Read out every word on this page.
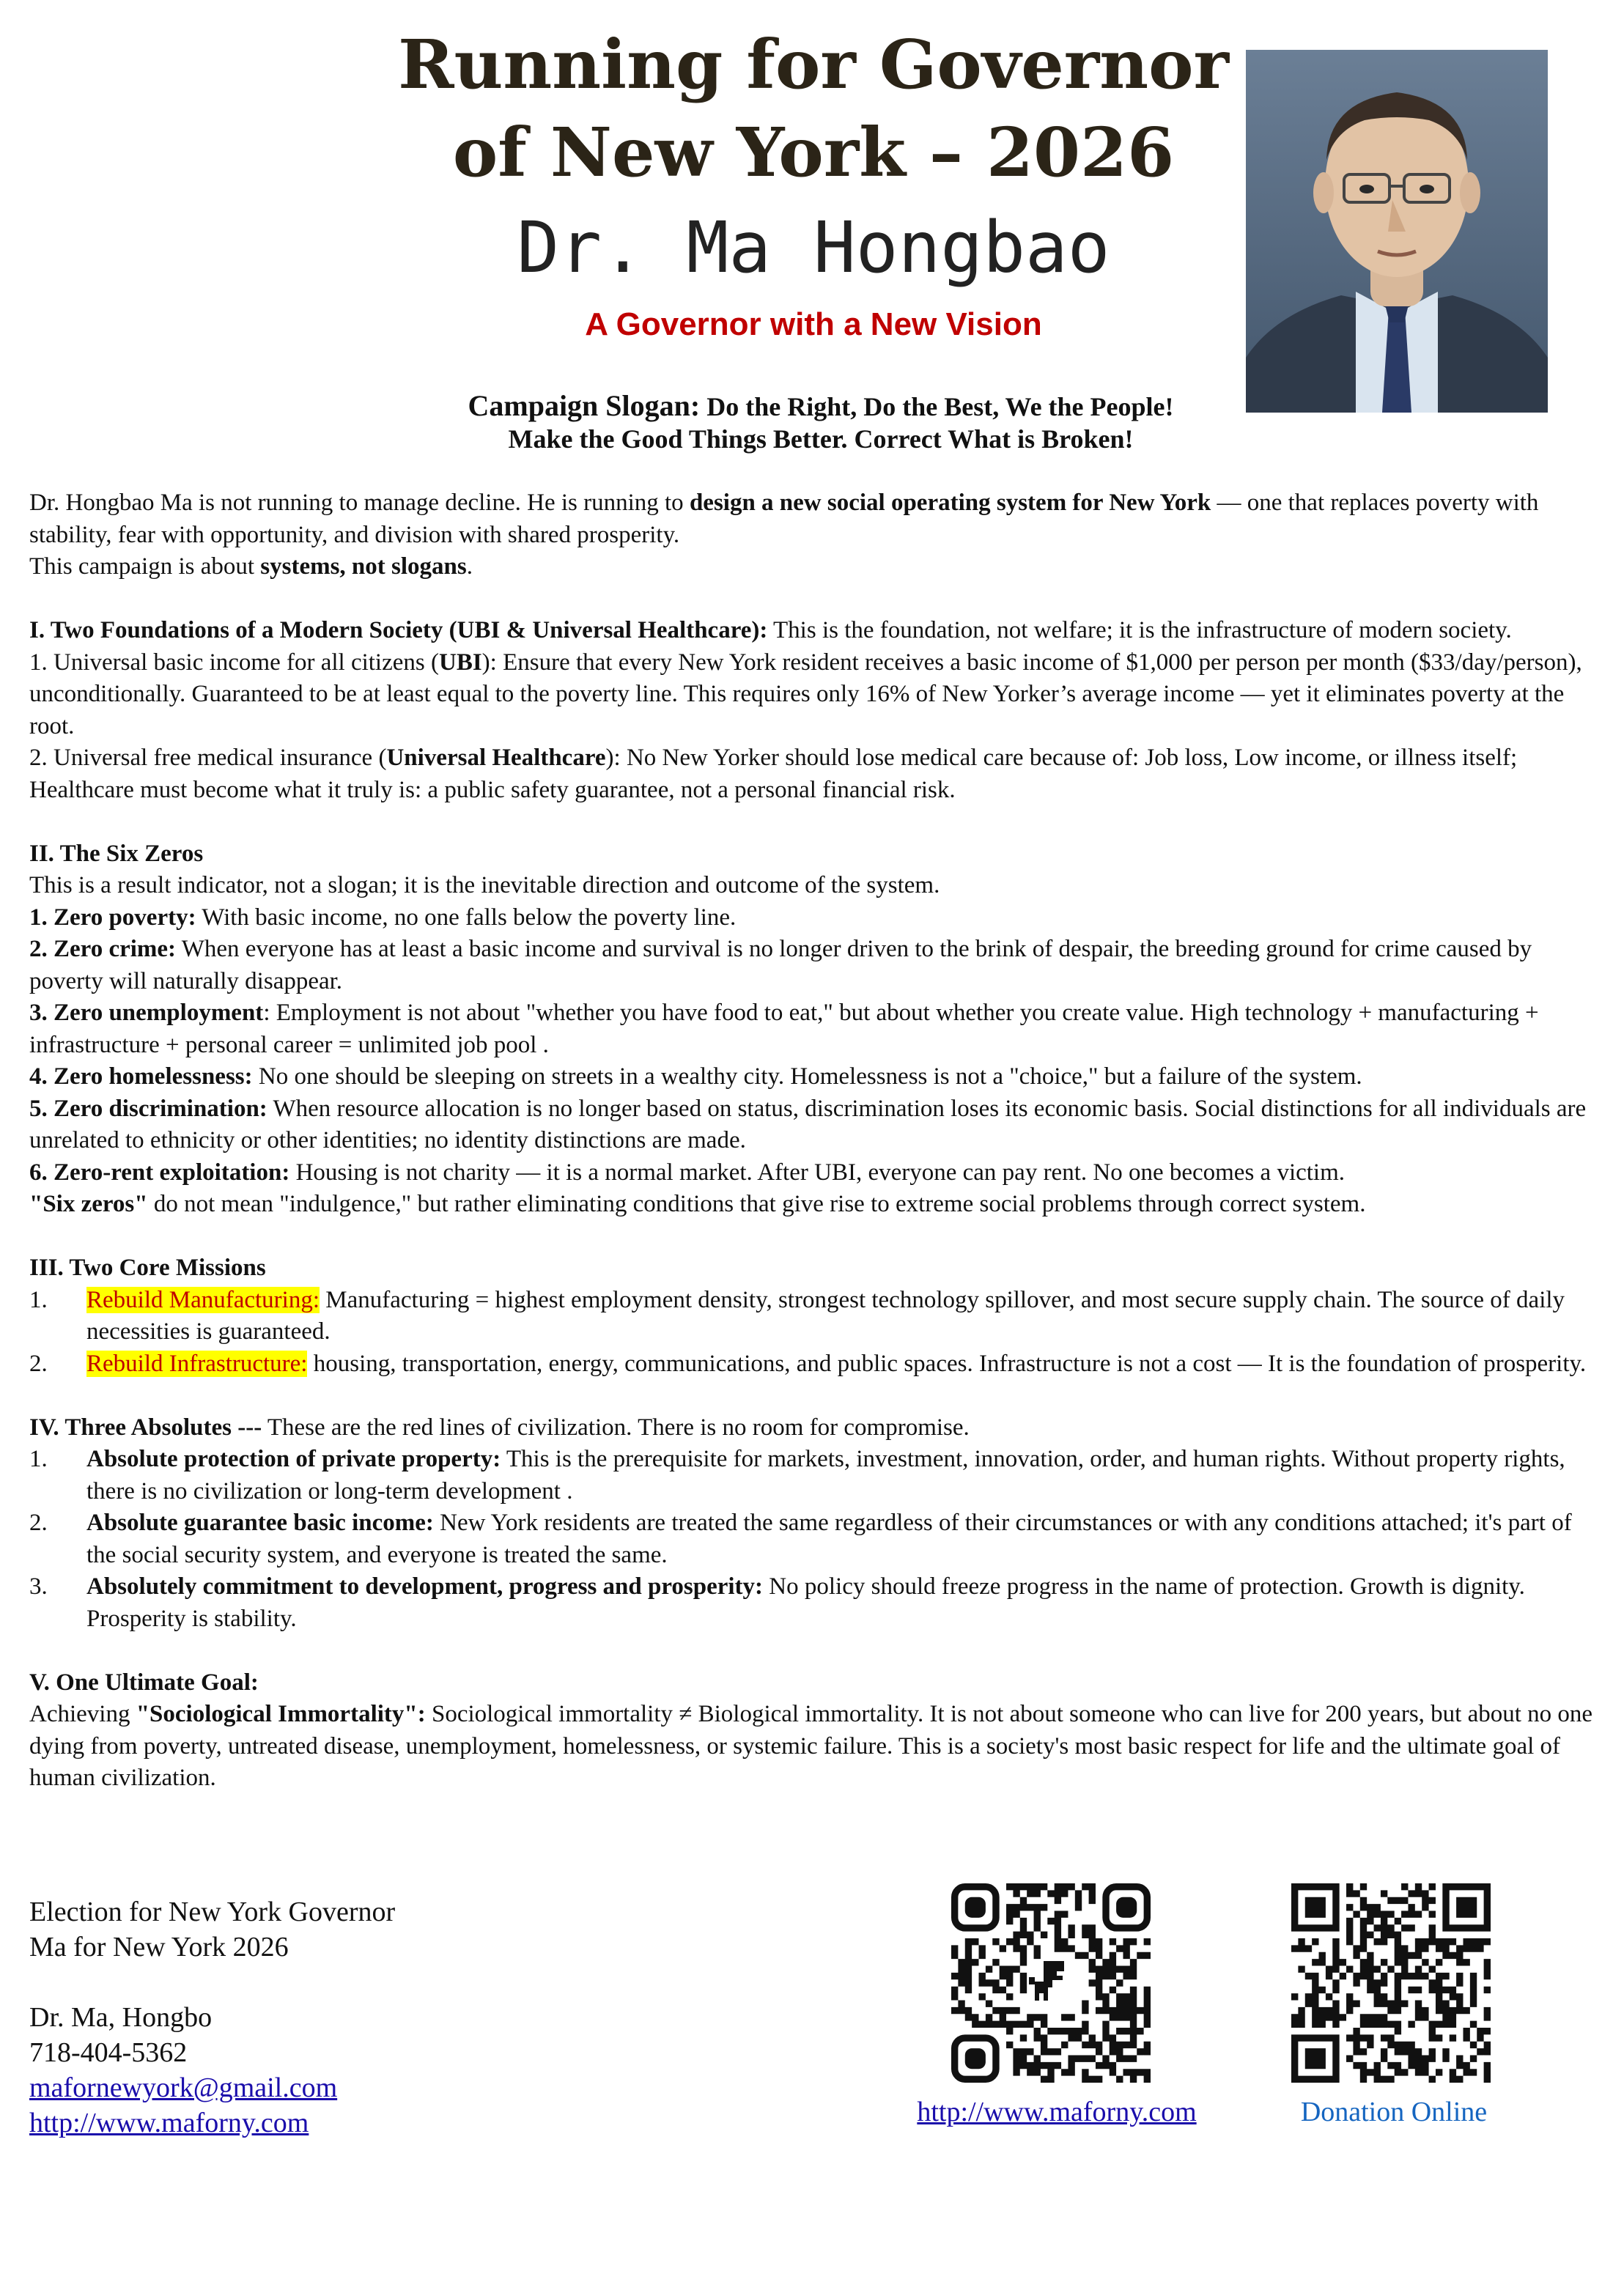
Running for Governor
of New York – 2026
Dr. Ma Hongbao
A Governor with a New Vision
Campaign Slogan: Do the Right, Do the Best, We the People!
Make the Good Things Better. Correct What is Broken!

Dr. Hongbao Ma is not running to manage decline. He is running to design a new social operating system for New York — one that replaces poverty with stability, fear with opportunity, and division with shared prosperity.

This campaign is about systems, not slogans.

I. Two Foundations of a Modern Society (UBI & Universal Healthcare): This is the foundation, not welfare; it is the infrastructure of modern society.

1. Universal basic income for all citizens (UBI): Ensure that every New York resident receives a basic income of $1,000 per person per month ($33/day/person), unconditionally. Guaranteed to be at least equal to the poverty line. This requires only 16% of New Yorker’s average income — yet it eliminates poverty at the root.

2. Universal free medical insurance (Universal Healthcare): No New Yorker should lose medical care because of: Job loss, Low income, or illness itself; Healthcare must become what it truly is: a public safety guarantee, not a personal financial risk.

II. The Six Zeros

This is a result indicator, not a slogan; it is the inevitable direction and outcome of the system.

1. Zero poverty: With basic income, no one falls below the poverty line.

2. Zero crime: When everyone has at least a basic income and survival is no longer driven to the brink of despair, the breeding ground for crime caused by poverty will naturally disappear.

3. Zero unemployment: Employment is not about "whether you have food to eat," but about whether you create value. High technology + manufacturing + infrastructure + personal career = unlimited job pool .

4. Zero homelessness: No one should be sleeping on streets in a wealthy city. Homelessness is not a "choice," but a failure of the system.

5. Zero discrimination: When resource allocation is no longer based on status, discrimination loses its economic basis. Social distinctions for all individuals are unrelated to ethnicity or other identities; no identity distinctions are made.

6. Zero-rent exploitation: Housing is not charity — it is a normal market. After UBI, everyone can pay rent. No one becomes a victim.

"Six zeros" do not mean "indulgence," but rather eliminating conditions that give rise to extreme social problems through correct system.

III. Two Core Missions

1.	Rebuild Manufacturing: Manufacturing = highest employment density, strongest technology spillover, and most secure supply chain. The source of daily necessities is guaranteed.
2.	Rebuild Infrastructure: housing, transportation, energy, communications, and public spaces. Infrastructure is not a cost — It is the foundation of prosperity.

IV. Three Absolutes --- These are the red lines of civilization. There is no room for compromise.

1.	Absolute protection of private property: This is the prerequisite for markets, investment, innovation, order, and human rights. Without property rights, there is no civilization or long-term development .
2.	Absolute guarantee basic income: New York residents are treated the same regardless of their circumstances or with any conditions attached; it's part of the social security system, and everyone is treated the same.
3.	Absolutely commitment to development, progress and prosperity: No policy should freeze progress in the name of protection. Growth is dignity. Prosperity is stability.

V. One Ultimate Goal:

Achieving "Sociological Immortality": Sociological immortality ≠ Biological immortality. It is not about someone who can live for 200 years, but about no one dying from poverty, untreated disease, unemployment, homelessness, or systemic failure. This is a society's most basic respect for life and the ultimate goal of human civilization.

Election for New York Governor

Ma for New York 2026

Dr. Ma, Hongbo

718-404-5362

mafornewyork@gmail.com

http://www.maforny.com	http://www.maforny.com	Donation Online
